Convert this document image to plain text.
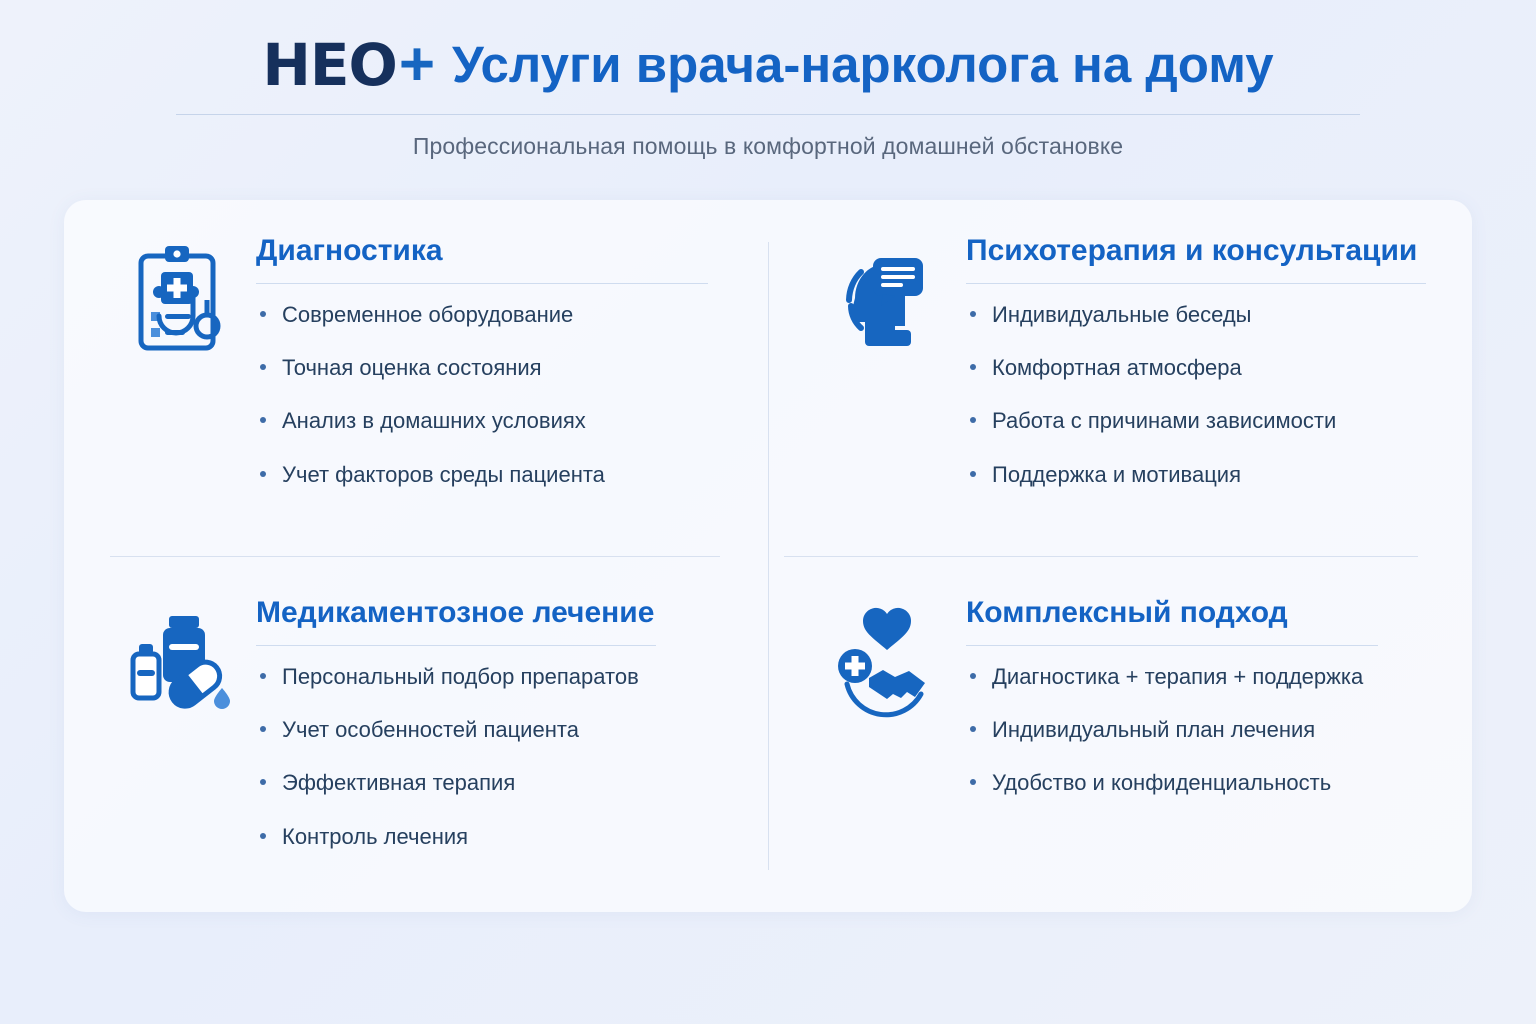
HEO + Услуги врача-нарколога на дому
Профессиональная помощь в комфортной домашней обстановке
Диагностика
Современное оборудование
Точная оценка состояния
Анализ в домашних условиях
Учет факторов среды пациента
Психотерапия и консультации
Индивидуальные беседы
Комфортная атмосфера
Работа с причинами зависимости
Поддержка и мотивация
Медикаментозное лечение
Персональный подбор препаратов
Учет особенностей пациента
Эффективная терапия
Контроль лечения
Комплексный подход
Диагностика + терапия + поддержка
Индивидуальный план лечения
Удобство и конфиденциальность
